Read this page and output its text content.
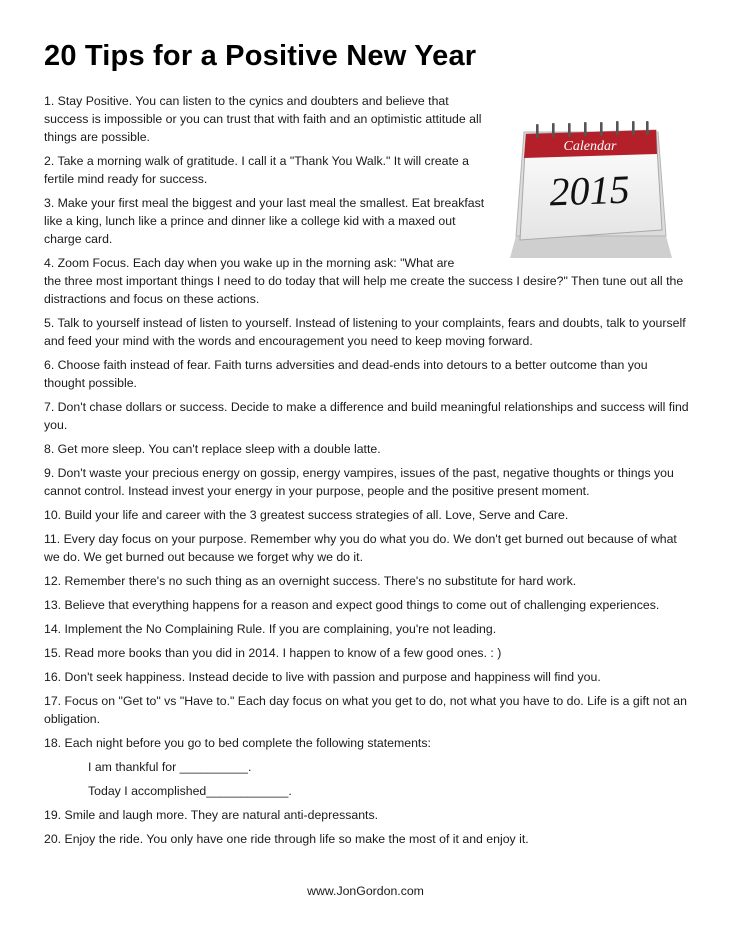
20 Tips for a Positive New Year
Calendar
2015

1. Stay Positive. You can listen to the cynics and doubters and believe that success is impossible or you can trust that with faith and an optimistic attitude all things are possible.

2. Take a morning walk of gratitude. I call it a "Thank You Walk." It will create a fertile mind ready for success.

3. Make your first meal the biggest and your last meal the smallest. Eat breakfast like a king, lunch like a prince and dinner like a college kid with a maxed out charge card.

4. Zoom Focus. Each day when you wake up in the morning ask: "What are
the three most important things I need to do today that will help me create the success I desire?" Then tune out all the distractions and focus on these actions.

5. Talk to yourself instead of listen to yourself. Instead of listening to your complaints, fears and doubts, talk to yourself and feed your mind with the words and encouragement you need to keep moving forward.

6. Choose faith instead of fear. Faith turns adversities and dead-ends into detours to a better outcome than you thought possible.

7. Don't chase dollars or success. Decide to make a difference and build meaningful relationships and success will find you.

8. Get more sleep. You can't replace sleep with a double latte.

9. Don't waste your precious energy on gossip, energy vampires, issues of the past, negative thoughts or things you cannot control. Instead invest your energy in your purpose, people and the positive present moment.

10. Build your life and career with the 3 greatest success strategies of all. Love, Serve and Care.

11. Every day focus on your purpose. Remember why you do what you do. We don't get burned out because of what we do. We get burned out because we forget why we do it.

12. Remember there's no such thing as an overnight success. There's no substitute for hard work.

13. Believe that everything happens for a reason and expect good things to come out of challenging experiences.

14. Implement the No Complaining Rule. If you are complaining, you're not leading.

15. Read more books than you did in 2014. I happen to know of a few good ones. : )

16. Don't seek happiness. Instead decide to live with passion and purpose and happiness will find you.

17. Focus on "Get to" vs "Have to." Each day focus on what you get to do, not what you have to do. Life is a gift not an obligation.

18. Each night before you go to bed complete the following statements:

I am thankful for __________.

Today I accomplished____________.

19. Smile and laugh more. They are natural anti-depressants.

20. Enjoy the ride. You only have one ride through life so make the most of it and enjoy it.

www.JonGordon.com
